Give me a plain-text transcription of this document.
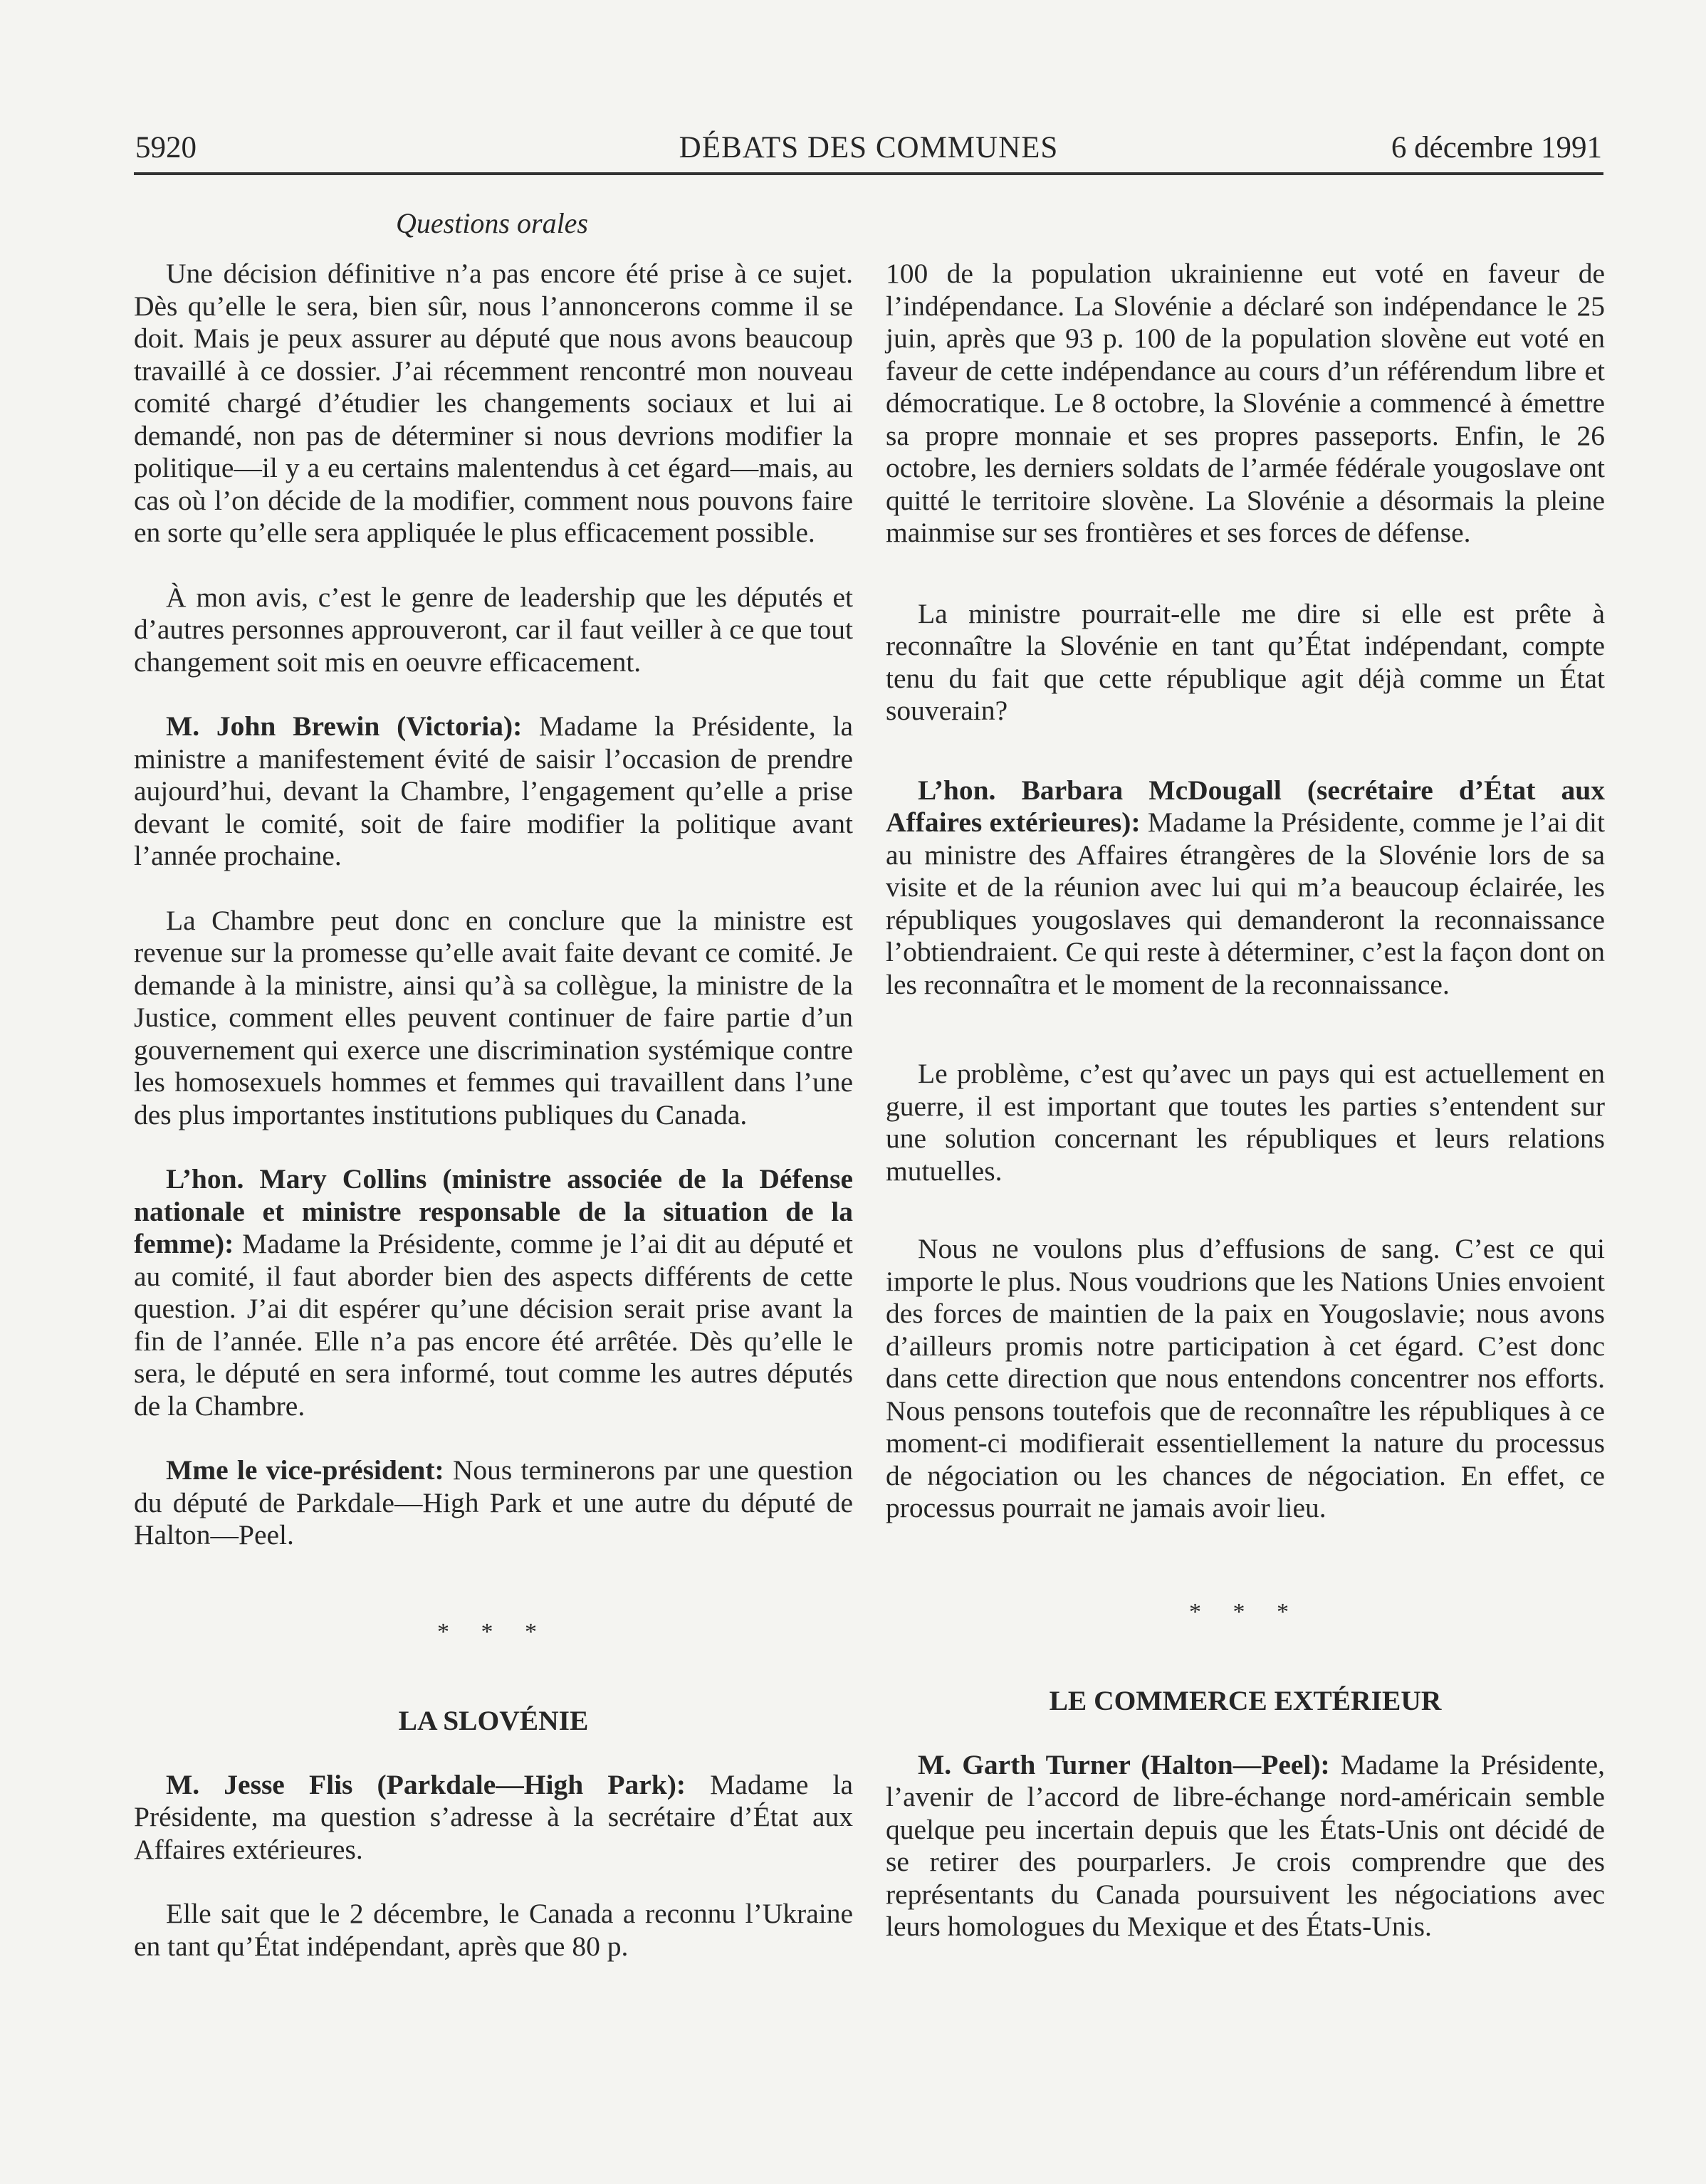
5920	DÉBATS DES COMMUNES	6 décembre 1991
Questions orales

Une décision définitive n’a pas encore été prise à ce sujet. Dès qu’elle le sera, bien sûr, nous l’annoncerons comme il se doit. Mais je peux assurer au député que nous avons beaucoup travaillé à ce dossier. J’ai récemment rencontré mon nouveau comité chargé d’étudier les changements sociaux et lui ai demandé, non pas de déterminer si nous devrions modifier la politique—il y a eu certains malentendus à cet égard—mais, au cas où l’on décide de la modifier, comment nous pouvons faire en sorte qu’elle sera appliquée le plus efficacement possible.

À mon avis, c’est le genre de leadership que les députés et d’autres personnes approuveront, car il faut veiller à ce que tout changement soit mis en oeuvre efficacement.

M. John Brewin (Victoria): Madame la Présidente, la ministre a manifestement évité de saisir l’occasion de prendre aujourd’hui, devant la Chambre, l’engagement qu’elle a prise devant le comité, soit de faire modifier la politique avant l’année prochaine.

La Chambre peut donc en conclure que la ministre est revenue sur la promesse qu’elle avait faite devant ce comité. Je demande à la ministre, ainsi qu’à sa collègue, la ministre de la Justice, comment elles peuvent continuer de faire partie d’un gouvernement qui exerce une discrimination systémique contre les homosexuels hommes et femmes qui travaillent dans l’une des plus importantes institutions publiques du Canada.

L’hon. Mary Collins (ministre associée de la Défense nationale et ministre responsable de la situation de la femme): Madame la Présidente, comme je l’ai dit au député et au comité, il faut aborder bien des aspects différents de cette question. J’ai dit espérer qu’une décision serait prise avant la fin de l’année. Elle n’a pas encore été arrêtée. Dès qu’elle le sera, le député en sera informé, tout comme les autres députés de la Chambre.

Mme le vice-président: Nous terminerons par une question du député de Parkdale—High Park et une autre du député de Halton—Peel.

* * *

LA SLOVÉNIE

M. Jesse Flis (Parkdale—High Park): Madame la Présidente, ma question s’adresse à la secrétaire d’État aux Affaires extérieures.

Elle sait que le 2 décembre, le Canada a reconnu l’Ukraine en tant qu’État indépendant, après que 80 p.

100 de la population ukrainienne eut voté en faveur de l’indépendance. La Slovénie a déclaré son indépendance le 25 juin, après que 93 p. 100 de la population slovène eut voté en faveur de cette indépendance au cours d’un référendum libre et démocratique. Le 8 octobre, la Slovénie a commencé à émettre sa propre monnaie et ses propres passeports. Enfin, le 26 octobre, les derniers soldats de l’armée fédérale yougoslave ont quitté le territoire slovène. La Slovénie a désormais la pleine mainmise sur ses frontières et ses forces de défense.

La ministre pourrait-elle me dire si elle est prête à reconnaître la Slovénie en tant qu’État indépendant, compte tenu du fait que cette république agit déjà comme un État souverain?

L’hon. Barbara McDougall (secrétaire d’État aux Affaires extérieures): Madame la Présidente, comme je l’ai dit au ministre des Affaires étrangères de la Slovénie lors de sa visite et de la réunion avec lui qui m’a beaucoup éclairée, les républiques yougoslaves qui demanderont la reconnaissance l’obtiendraient. Ce qui reste à déterminer, c’est la façon dont on les reconnaîtra et le moment de la reconnaissance.

Le problème, c’est qu’avec un pays qui est actuellement en guerre, il est important que toutes les parties s’entendent sur une solution concernant les républiques et leurs relations mutuelles.

Nous ne voulons plus d’effusions de sang. C’est ce qui importe le plus. Nous voudrions que les Nations Unies envoient des forces de maintien de la paix en Yougoslavie; nous avons d’ailleurs promis notre participation à cet égard. C’est donc dans cette direction que nous entendons concentrer nos efforts. Nous pensons toutefois que de reconnaître les républiques à ce moment-ci modifierait essentiellement la nature du processus de négociation ou les chances de négociation. En effet, ce processus pourrait ne jamais avoir lieu.

* * *

LE COMMERCE EXTÉRIEUR

M. Garth Turner (Halton—Peel): Madame la Présidente, l’avenir de l’accord de libre-échange nord-américain semble quelque peu incertain depuis que les États-Unis ont décidé de se retirer des pourparlers. Je crois comprendre que des représentants du Canada poursuivent les négociations avec leurs homologues du Mexique et des États-Unis.
